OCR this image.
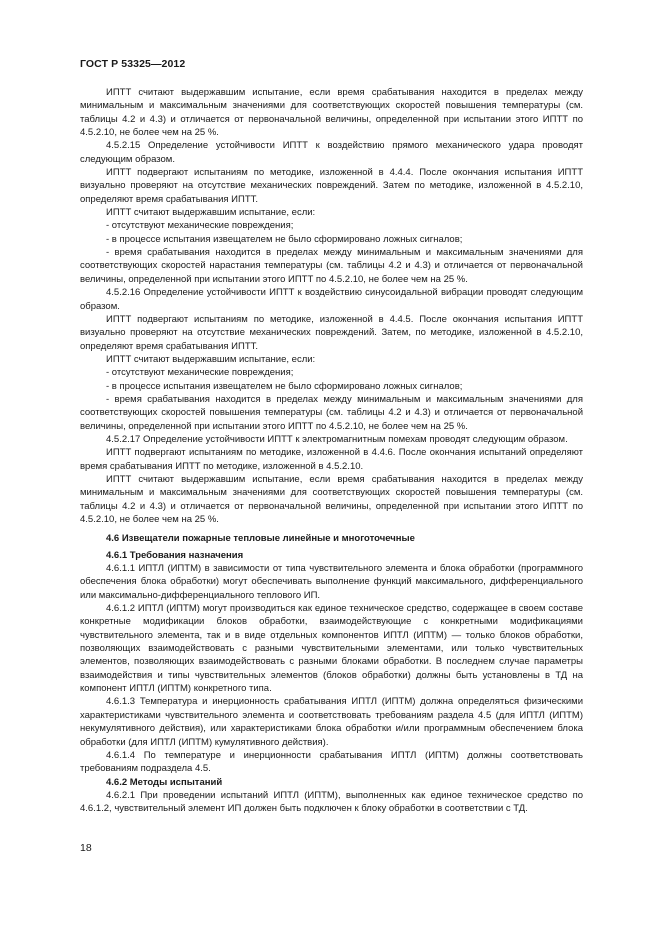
ГОСТ Р 53325—2012

ИПТТ считают выдержавшим испытание, если время срабатывания находится в пределах между минимальным и максимальным значениями для соответствующих скоростей повышения температуры (см. таблицы 4.2 и 4.3) и отличается от первоначальной величины, определенной при испытании этого ИПТТ по 4.5.2.10, не более чем на 25 %.

4.5.2.15 Определение устойчивости ИПТТ к воздействию прямого механического удара проводят следующим образом.

ИПТТ подвергают испытаниям по методике, изложенной в 4.4.4. После окончания испытания ИПТТ визуально проверяют на отсутствие механических повреждений. Затем по методике, изложенной в 4.5.2.10, определяют время срабатывания ИПТТ.

ИПТТ считают выдержавшим испытание, если:

- отсутствуют механические повреждения;

- в процессе испытания извещателем не было сформировано ложных сигналов;

- время срабатывания находится в пределах между минимальным и максимальным значениями для соответствующих скоростей нарастания температуры (см. таблицы 4.2 и 4.3) и отличается от первоначальной величины, определенной при испытании этого ИПТТ по 4.5.2.10, не более чем на 25 %.

4.5.2.16 Определение устойчивости ИПТТ к воздействию синусоидальной вибрации проводят следующим образом.

ИПТТ подвергают испытаниям по методике, изложенной в 4.4.5. После окончания испытания ИПТТ визуально проверяют на отсутствие механических повреждений. Затем, по методике, изложенной в 4.5.2.10, определяют время срабатывания ИПТТ.

ИПТТ считают выдержавшим испытание, если:

- отсутствуют механические повреждения;

- в процессе испытания извещателем не было сформировано ложных сигналов;

- время срабатывания находится в пределах между минимальным и максимальным значениями для соответствующих скоростей повышения температуры (см. таблицы 4.2 и 4.3) и отличается от первоначальной величины, определенной при испытании этого ИПТТ по 4.5.2.10, не более чем на 25 %.

4.5.2.17 Определение устойчивости ИПТТ к электромагнитным помехам проводят следующим образом.

ИПТТ подвергают испытаниям по методике, изложенной в 4.4.6. После окончания испытаний определяют время срабатывания ИПТТ по методике, изложенной в 4.5.2.10.

ИПТТ считают выдержавшим испытание, если время срабатывания находится в пределах между минимальным и максимальным значениями для соответствующих скоростей повышения температуры (см. таблицы 4.2 и 4.3) и отличается от первоначальной величины, определенной при испытании этого ИПТТ по 4.5.2.10, не более чем на 25 %.

4.6 Извещатели пожарные тепловые линейные и многоточечные

4.6.1 Требования назначения

4.6.1.1 ИПТЛ (ИПТМ) в зависимости от типа чувствительного элемента и блока обработки (программного обеспечения блока обработки) могут обеспечивать выполнение функций максимального, дифференциального или максимально-дифференциального теплового ИП.

4.6.1.2 ИПТЛ (ИПТМ) могут производиться как единое техническое средство, содержащее в своем составе конкретные модификации блоков обработки, взаимодействующие с конкретными модификациями чувствительного элемента, так и в виде отдельных компонентов ИПТЛ (ИПТМ) — только блоков обработки, позволяющих взаимодействовать с разными чувствительными элементами, или только чувствительных элементов, позволяющих взаимодействовать с разными блоками обработки. В последнем случае параметры взаимодействия и типы чувствительных элементов (блоков обработки) должны быть установлены в ТД на компонент ИПТЛ (ИПТМ) конкретного типа.

4.6.1.3 Температура и инерционность срабатывания ИПТЛ (ИПТМ) должна определяться физическими характеристиками чувствительного элемента и соответствовать требованиям раздела 4.5 (для ИПТЛ (ИПТМ) некумулятивного действия), или характеристиками блока обработки и/или программным обеспечением блока обработки (для ИПТЛ (ИПТМ) кумулятивного действия).

4.6.1.4 По температуре и инерционности срабатывания ИПТЛ (ИПТМ) должны соответствовать требованиям подраздела 4.5.

4.6.2 Методы испытаний

4.6.2.1 При проведении испытаний ИПТЛ (ИПТМ), выполненных как единое техническое средство по 4.6.1.2, чувствительный элемент ИП должен быть подключен к блоку обработки в соответствии с ТД.

18
